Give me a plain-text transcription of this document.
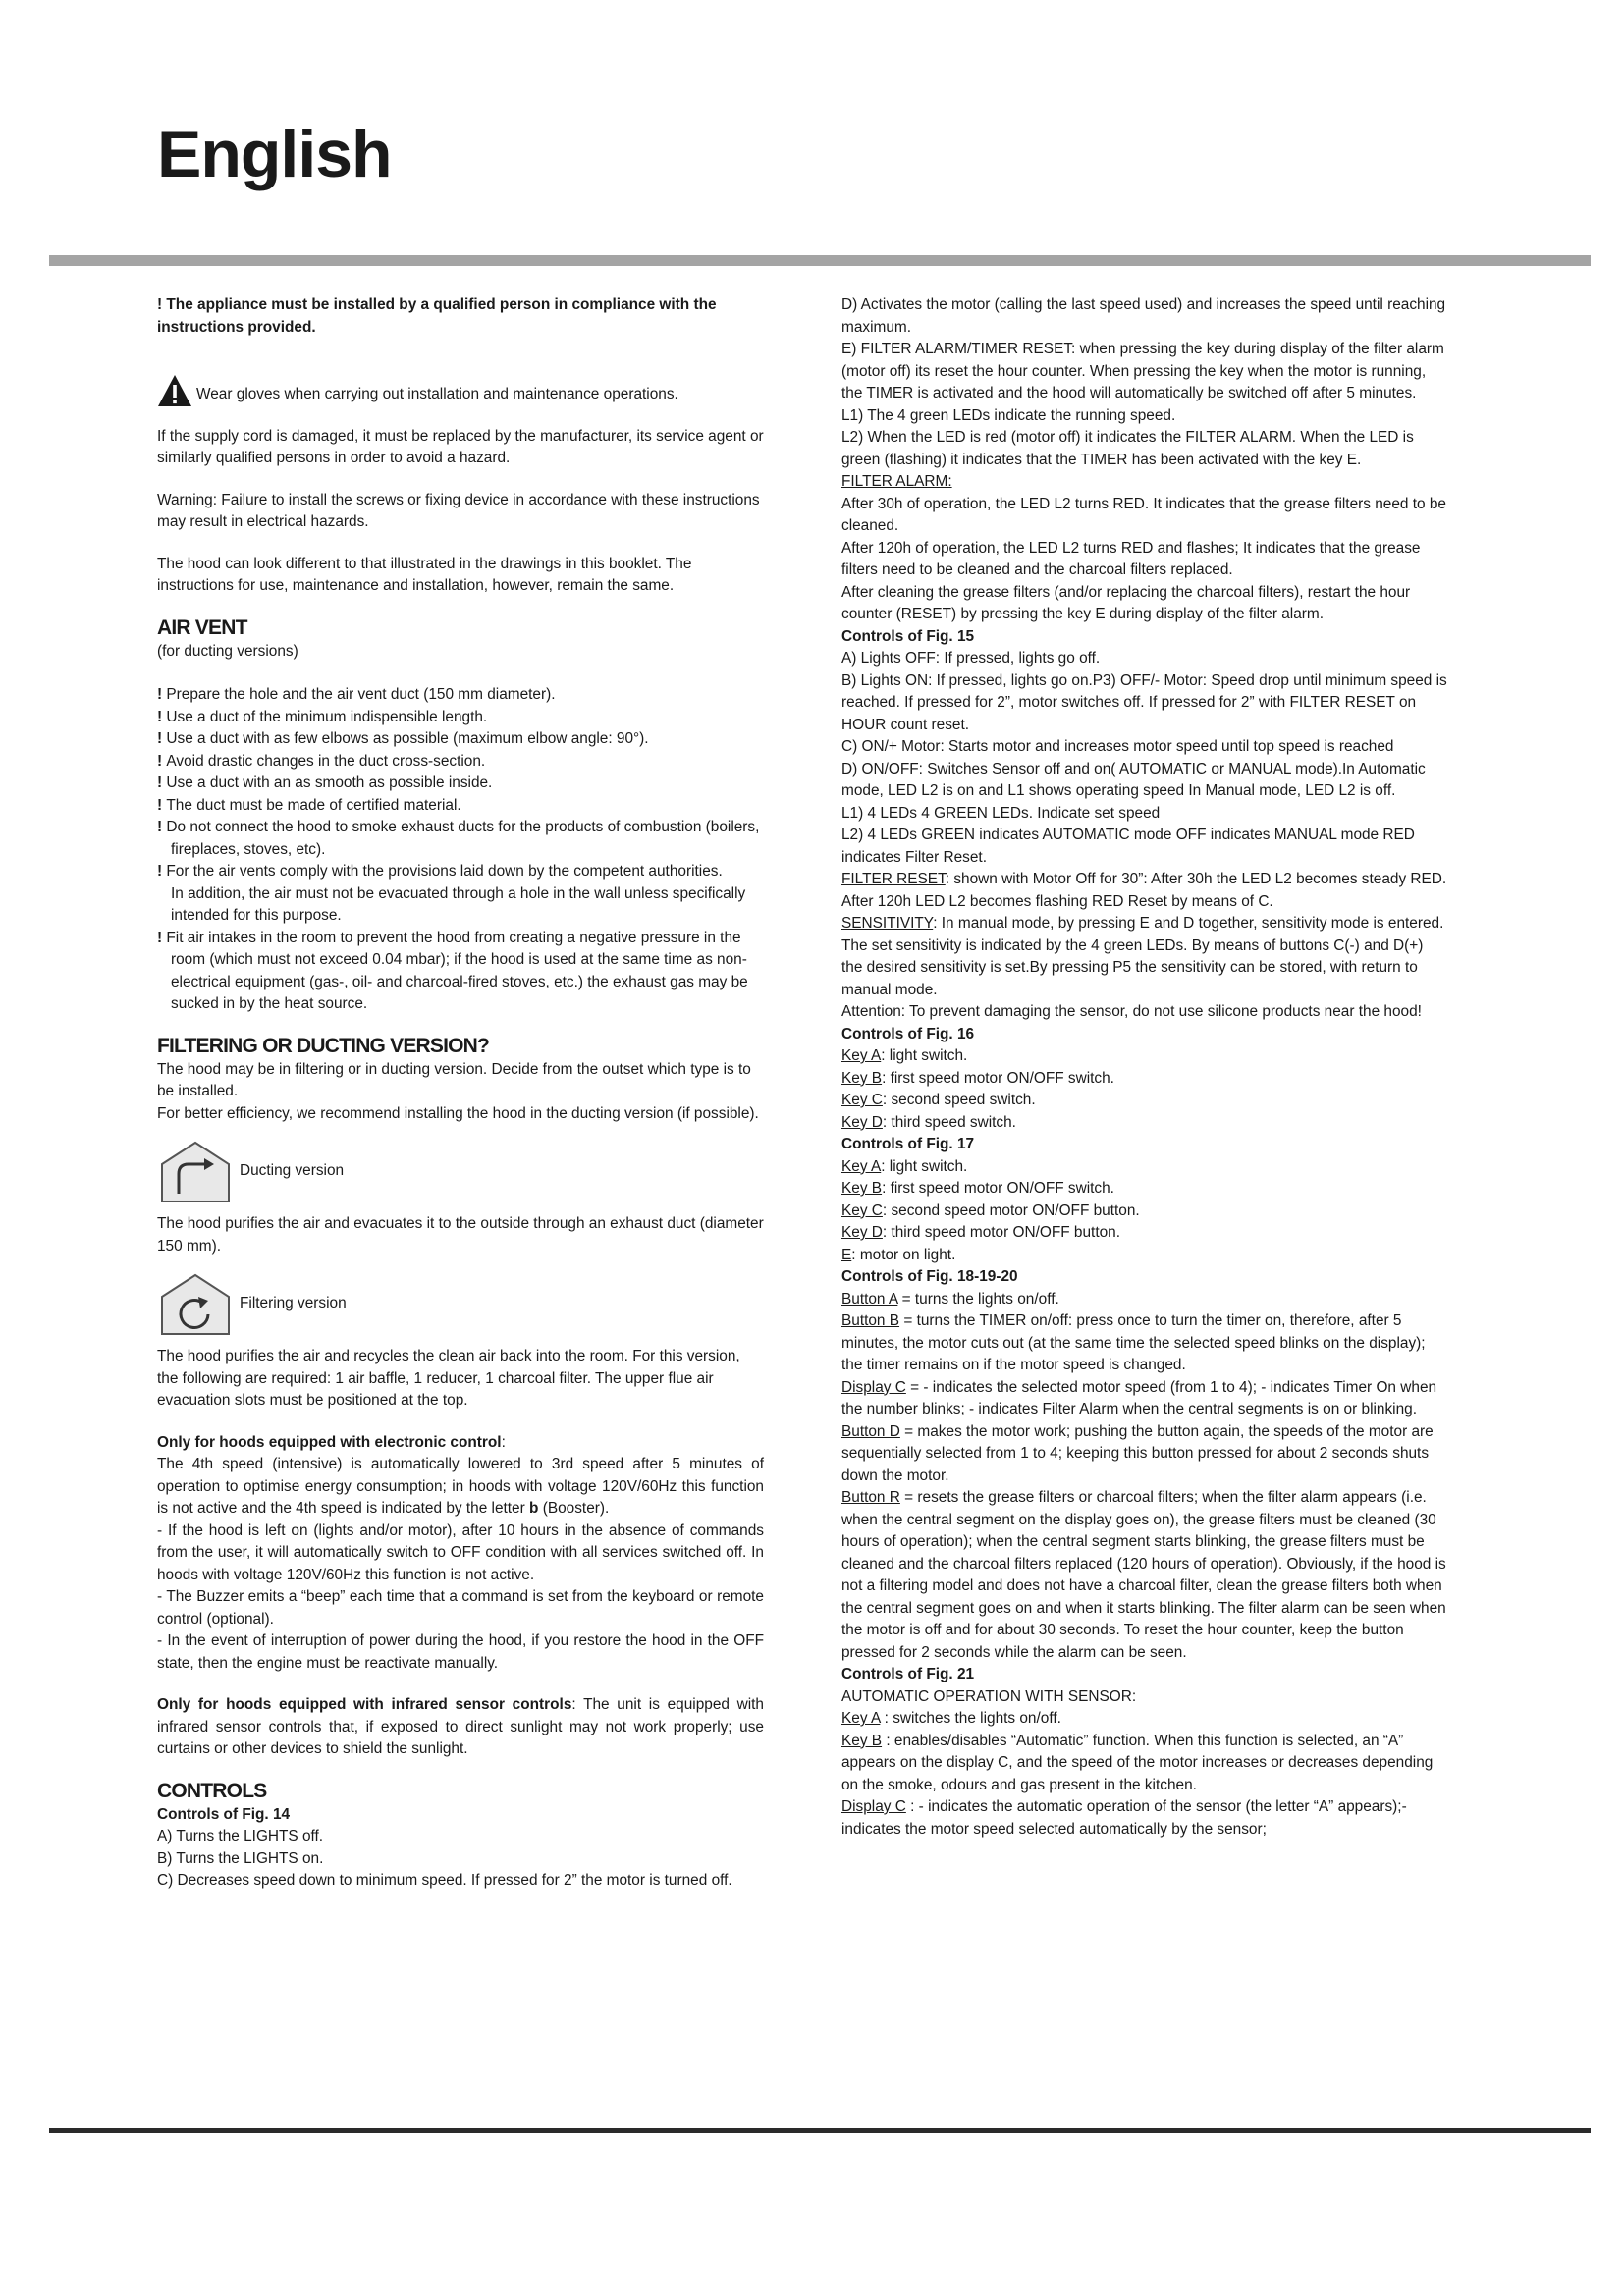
English

! The appliance must be installed by a qualified person in compliance with the instructions provided.

Wear gloves when carrying out installation and maintenance operations.

If the supply cord is damaged, it must be replaced by the manufacturer, its service agent or similarly qualified persons in order to avoid a hazard.

Warning: Failure to install the screws or fixing device in accordance with these instructions may result in electrical hazards.

The hood can look different to that illustrated in the drawings in this booklet. The instructions for use, maintenance and installation, however, remain the same.

AIR VENT

(for ducting versions)

! Prepare the hole and the air vent duct (150 mm diameter).

! Use a duct of the minimum indispensible length.

! Use a duct with as few elbows as possible (maximum elbow angle: 90°).

! Avoid drastic changes in the duct cross-section.

! Use a duct with an as smooth as possible inside.

! The duct must be made of certified material.

! Do not connect the hood to smoke exhaust ducts for the products of combustion (boilers, fireplaces, stoves, etc).

! For the air vents comply with the provisions laid down by the competent authorities.

In addition, the air must not be evacuated through a hole in the wall unless specifically intended for this purpose.

! Fit air intakes in the room to prevent the hood from creating a negative pressure in the room (which must not exceed 0.04 mbar); if the hood is used at the same time as non-electrical equipment (gas-, oil- and charcoal-fired stoves, etc.) the exhaust gas may be sucked in by the heat source.

FILTERING OR DUCTING VERSION?

The hood may be in filtering or in ducting version. Decide from the outset which type is to be installed.

For better efficiency, we recommend installing the hood in the ducting version (if possible).

Ducting version

The hood purifies the air and evacuates it to the outside through an exhaust duct (diameter 150 mm).

Filtering version

The hood purifies the air and recycles the clean air back into the room. For this version, the following are required: 1 air baffle, 1 reducer, 1 charcoal filter. The upper flue air evacuation slots must be positioned at the top.

Only for hoods equipped with electronic control:

The 4th speed (intensive) is automatically lowered to 3rd speed after 5 minutes of operation to optimise energy consumption; in hoods with voltage 120V/60Hz this function is not active and the 4th speed is indicated by the letter b (Booster).

- If the hood is left on (lights and/or motor), after 10 hours in the absence of commands from the user, it will automatically switch to OFF condition with all services switched off. In hoods with voltage 120V/60Hz this function is not active.

- The Buzzer emits a “beep” each time that a command is set from the keyboard or remote control (optional).

- In the event of interruption of power during the hood, if you restore the hood in the OFF state, then the engine must be reactivate manually.

Only for hoods equipped with infrared sensor controls: The unit is equipped with infrared sensor controls that, if exposed to direct sunlight may not work properly; use curtains or other devices to shield the sunlight.

CONTROLS

Controls of Fig. 14

A) Turns the LIGHTS off.

B) Turns the LIGHTS on.

C) Decreases speed down to minimum speed. If pressed for 2” the motor is turned off.

D) Activates the motor (calling the last speed used) and increases the speed until reaching maximum.

E) FILTER ALARM/TIMER RESET: when pressing the key during display of the filter alarm (motor off) its reset the hour counter. When pressing the key when the motor is running, the TIMER is activated and the hood will automatically be switched off after 5 minutes.

L1) The 4 green LEDs indicate the running speed.

L2) When the LED is red (motor off) it indicates the FILTER ALARM. When the LED is green (flashing) it indicates that the TIMER has been activated with the key E.

FILTER ALARM:

After 30h of operation, the LED L2 turns RED. It indicates that the grease filters need to be cleaned.

After 120h of operation, the LED L2 turns RED and flashes; It indicates that the grease filters need to be cleaned and the charcoal filters replaced.

After cleaning the grease filters (and/or replacing the charcoal filters), restart the hour counter (RESET) by pressing the key E during display of the filter alarm.

Controls of Fig. 15

A) Lights OFF: If pressed, lights go off.

B) Lights ON: If pressed, lights go on.P3) OFF/- Motor: Speed drop until minimum speed is reached. If pressed for 2”, motor switches off. If pressed for 2” with FILTER RESET on HOUR count reset.

C) ON/+ Motor: Starts motor and increases motor speed until top speed is reached

D) ON/OFF: Switches Sensor off and on( AUTOMATIC or MANUAL mode).In Automatic mode, LED L2 is on and L1 shows operating speed In Manual mode, LED L2 is off.

L1) 4 LEDs 4 GREEN LEDs. Indicate set speed

L2) 4 LEDs GREEN indicates AUTOMATIC mode OFF indicates MANUAL mode RED indicates Filter Reset.

FILTER RESET: shown with Motor Off for 30”: After 30h the LED L2 becomes steady RED. After 120h LED L2 becomes flashing RED Reset by means of C.

SENSITIVITY: In manual mode, by pressing E and D together, sensitivity mode is entered. The set sensitivity is indicated by the 4 green LEDs. By means of buttons C(-) and D(+) the desired sensitivity is set.By pressing P5 the sensitivity can be stored, with return to manual mode.

Attention: To prevent damaging the sensor, do not use silicone products near the hood!

Controls of Fig. 16

Key A: light switch.

Key B: first speed motor ON/OFF switch.

Key C: second speed switch.

Key D: third speed switch.

Controls of Fig. 17

Key A: light switch.

Key B: first speed motor ON/OFF switch.

Key C: second speed motor ON/OFF button.

Key D: third speed motor ON/OFF button.

E: motor on light.

Controls of Fig. 18-19-20

Button A = turns the lights on/off.

Button B = turns the TIMER on/off: press once to turn the timer on, therefore, after 5 minutes, the motor cuts out (at the same time the selected speed blinks on the display); the timer remains on if the motor speed is changed.

Display C = - indicates the selected motor speed (from 1 to 4); - indicates Timer On when the number blinks; - indicates Filter Alarm when the central segments is on or blinking.

Button D = makes the motor work; pushing the button again, the speeds of the motor are sequentially selected from 1 to 4; keeping this button pressed for about 2 seconds shuts down the motor.

Button R = resets the grease filters or charcoal filters; when the filter alarm appears (i.e. when the central segment on the display goes on), the grease filters must be cleaned (30 hours of operation); when the central segment starts blinking, the grease filters must be cleaned and the charcoal filters replaced (120 hours of operation). Obviously, if the hood is not a filtering model and does not have a charcoal filter, clean the grease filters both when the central segment goes on and when it starts blinking. The filter alarm can be seen when the motor is off and for about 30 seconds. To reset the hour counter, keep the button pressed for 2 seconds while the alarm can be seen.

Controls of Fig. 21

AUTOMATIC OPERATION WITH SENSOR:

Key A : switches the lights on/off.

Key B : enables/disables “Automatic” function. When this function is selected, an “A” appears on the display C, and the speed of the motor increases or decreases depending on the smoke, odours and gas present in the kitchen.

Display C : - indicates the automatic operation of the sensor (the letter “A” appears);- indicates the motor speed selected automatically by the sensor;
